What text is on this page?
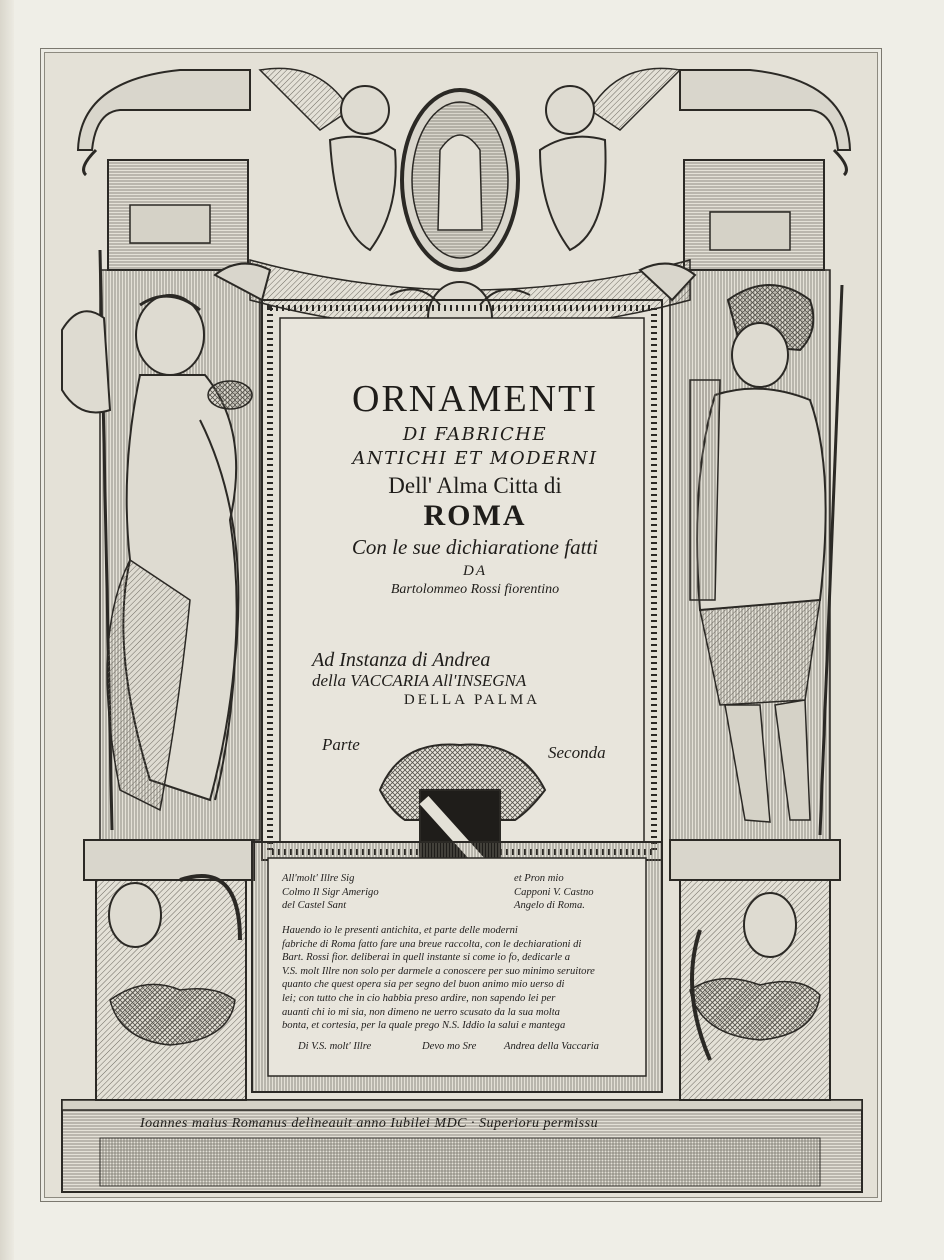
ORNAMENTI
DI FABRICHE
ANTICHI ET MODERNI
Dell' Alma Citta di
ROMA
Con le sue dichiaratione fatti
DA
Bartolommeo Rossi fiorentino
Ad Instanza di Andrea
della VACCARIA All'INSEGNA
DELLA PALMA
Parte	Seconda
All'molt' Illre Sig
Colmo Il Sigr Amerigo
del Castel Sant
et Pron mio
Capponi V. Castno
Angelo di Roma.
Hauendo io le presenti antichita, et parte delle moderni
fabriche di Roma fatto fare una breue raccolta, con le dechiarationi di
Bart. Rossi fior. deliberai in quell instante si come io fo, dedicarle a
V.S. molt Illre non solo per darmele a conoscere per suo minimo seruitore
quanto che quest opera sia per segno del buon animo mio uerso di
lei; con tutto che in cio habbia preso ardire, non sapendo lei per
auanti chi io mi sia, non dimeno ne uerro scusato da la sua molta
bonta, et cortesia, per la quale prego N.S. Iddio la salui e mantega
Di V.S. molt' Illre	Devo mo Sre	Andrea della Vaccaria
Ioannes maius Romanus delineauit anno Iubilei MDC · Superioru permissu
